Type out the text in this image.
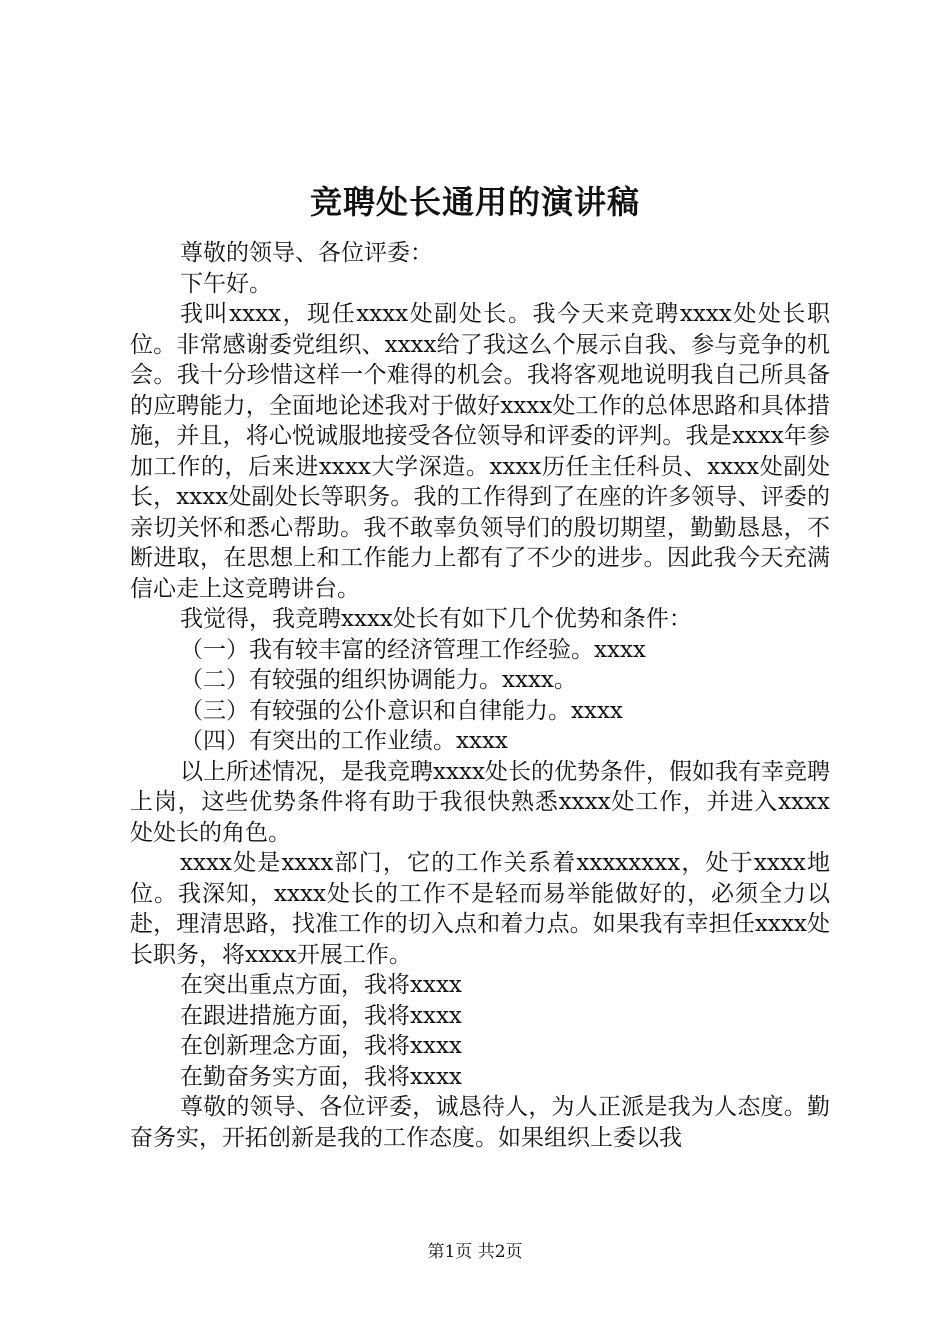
竞聘处长通用的演讲稿

尊敬的领导、各位评委：

下午好。

我叫xxxx，现任xxxx处副处长。我今天来竞聘xxxx处处长职位。非常感谢委党组织、xxxx给了我这么个展示自我、参与竞争的机会。我十分珍惜这样一个难得的机会。我将客观地说明我自己所具备的应聘能力，全面地论述我对于做好xxxx处工作的总体思路和具体措施，并且，将心悦诚服地接受各位领导和评委的评判。我是xxxx年参加工作的，后来进xxxx大学深造。xxxx历任主任科员、xxxx处副处长，xxxx处副处长等职务。我的工作得到了在座的许多领导、评委的亲切关怀和悉心帮助。我不敢辜负领导们的殷切期望，勤勤恳恳，不断进取，在思想上和工作能力上都有了不少的进步。因此我今天充满信心走上这竞聘讲台。

我觉得，我竞聘xxxx处长有如下几个优势和条件：

（一）我有较丰富的经济管理工作经验。xxxx

（二）有较强的组织协调能力。xxxx。

（三）有较强的公仆意识和自律能力。xxxx

（四）有突出的工作业绩。xxxx

以上所述情况，是我竞聘xxxx处长的优势条件，假如我有幸竞聘上岗，这些优势条件将有助于我很快熟悉xxxx处工作，并进入xxxx处处长的角色。

xxxx处是xxxx部门，它的工作关系着xxxxxxxx，处于xxxx地位。我深知，xxxx处长的工作不是轻而易举能做好的，必须全力以赴，理清思路，找准工作的切入点和着力点。如果我有幸担任xxxx处长职务，将xxxx开展工作。

在突出重点方面，我将xxxx

在跟进措施方面，我将xxxx

在创新理念方面，我将xxxx

在勤奋务实方面，我将xxxx

尊敬的领导、各位评委，诚恳待人，为人正派是我为人态度。勤奋务实，开拓创新是我的工作态度。如果组织上委以我

第1页 共2页
